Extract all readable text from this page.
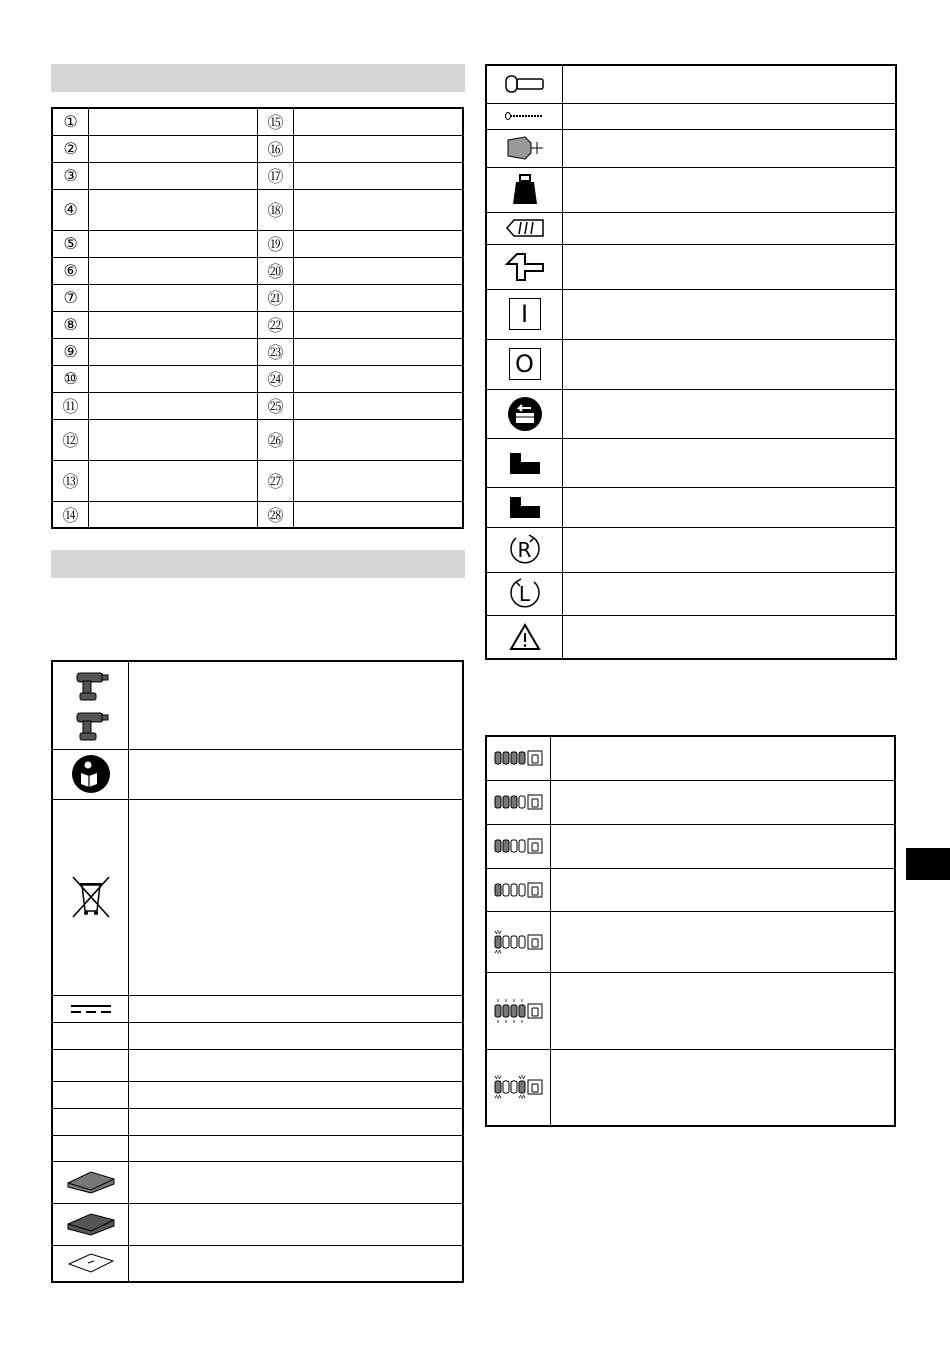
①		⑮	
②		⑯	
③		⑰	
④		⑱	
⑤		⑲	
⑥		⑳	
⑦		㉑	
⑧		㉒	
⑨		㉓	
⑩		㉔	
⑪		㉕	
⑫		㉖	
⑬		㉗	
⑭		㉘	

I	

O	

R	

L	
